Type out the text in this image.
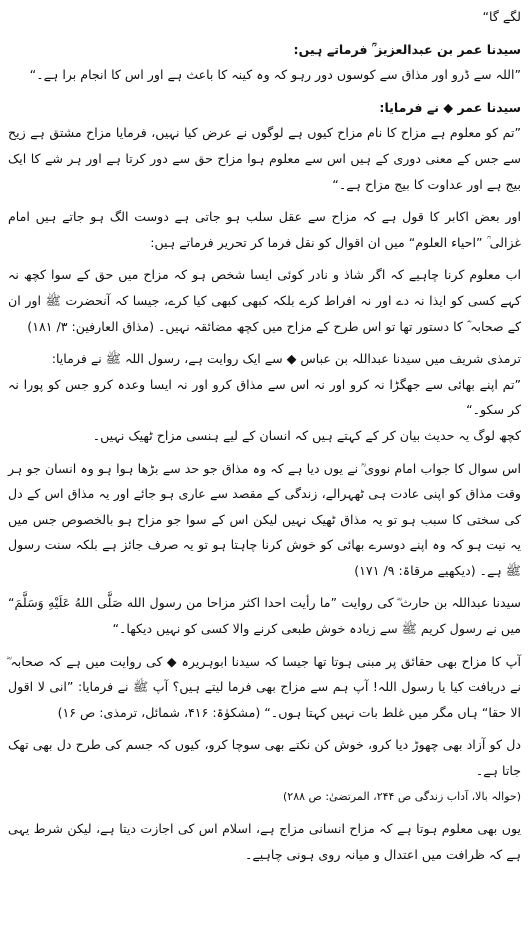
لگے گا“

سیدنا عمر بن عبدالعزیز ؒ فرماتے ہیں:

”اللہ سے ڈرو اور مذاق سے کوسوں دور رہو کہ وہ کینہ کا باعث ہے اور اس کا انجام برا ہے۔“

سیدنا عمر ◆ نے فرمایا:

”تم کو معلوم ہے مزاح کا نام مزاح کیوں ہے لوگوں نے عرض کیا نہیں، فرمایا مزاح مشتق ہے زیح سے جس کے معنی دوری کے ہیں اس سے معلوم ہوا مزاح حق سے دور کرتا ہے اور ہر شے کا ایک بیج ہے اور عداوت کا بیج مزاح ہے۔“

اور بعض اکابر کا قول ہے کہ مزاح سے عقل سلب ہو جاتی ہے دوست الگ ہو جاتے ہیں امام غزالی ؒ ”احیاء العلوم“ میں ان اقوال کو نقل فرما کر تحریر فرماتے ہیں:

اب معلوم کرنا چاہیے کہ اگر شاذ و نادر کوئی ایسا شخص ہو کہ مزاح میں حق کے سوا کچھ نہ کہے کسی کو ایذا نہ دے اور نہ افراط کرے بلکہ کبھی کبھی کیا کرے، جیسا کہ آنحضرت ﷺ اور ان کے صحابہ ؓ کا دستور تھا تو اس طرح کے مزاح میں کچھ مضائقہ نہیں۔ (مذاق العارفین: ۳/ ۱۸۱)

ترمذی شریف میں سیدنا عبداللہ بن عباس ◆ سے ایک روایت ہے، رسول اللہ ﷺ نے فرمایا:

”تم اپنے بھائی سے جھگڑا نہ کرو اور نہ اس سے مذاق کرو اور نہ ایسا وعدہ کرو جس کو پورا نہ کر سکو۔“

کچھ لوگ یہ حدیث بیان کر کے کہتے ہیں کہ انسان کے لیے ہنسی مزاح ٹھیک نہیں۔

اس سوال کا جواب امام نووی ؒ نے یوں دیا ہے کہ وہ مذاق جو حد سے بڑھا ہوا ہو وہ انسان جو ہر وقت مذاق کو اپنی عادت ہی ٹھہرالے، زندگی کے مقصد سے عاری ہو جائے اور یہ مذاق اس کے دل کی سختی کا سبب ہو تو یہ مذاق ٹھیک نہیں لیکن اس کے سوا جو مزاح ہو بالخصوص جس میں یہ نیت ہو کہ وہ اپنے دوسرے بھائی کو خوش کرنا چاہتا ہو تو یہ صرف جائز ہے بلکہ سنت رسول ﷺ ہے۔ (دیکھیے مرقاۃ: ۹/ ۱۷۱)

سیدنا عبداللہ بن حارث ؓ کی روایت ”ما رأیت احدا اکثر مزاحا من رسول الله صَلَّى اللهُ عَلَيْهِ وَسَلَّمَ“ میں نے رسول کریم ﷺ سے زیادہ خوش طبعی کرنے والا کسی کو نہیں دیکھا۔“

آپ کا مزاح بھی حقائق پر مبنی ہوتا تھا جیسا کہ سیدنا ابوہریرہ ◆ کی روایت میں ہے کہ صحابہ ؓ نے دریافت کیا یا رسول اللہ! آپ ہم سے مزاح بھی فرما لیتے ہیں؟ آپ ﷺ نے فرمایا: ”انی لا اقول الا حقا“ ہاں مگر میں غلط بات نہیں کہتا ہوں۔“ (مشکوٰۃ: ۴۱۶، شمائل، ترمذی: ص ۱۶)

دل کو آزاد بھی چھوڑ دیا کرو، خوش کن نکتے بھی سوچا کرو، کیوں کہ جسم کی طرح دل بھی تھک جاتا ہے۔

(حوالہ بالا، آداب زندگی ص ۲۴۴، المرتضیٰ: ص ۲۸۸)

یوں بھی معلوم ہوتا ہے کہ مزاح انسانی مزاج ہے، اسلام اس کی اجازت دیتا ہے، لیکن شرط یہی ہے کہ ظرافت میں اعتدال و میانہ روی ہونی چاہیے۔
